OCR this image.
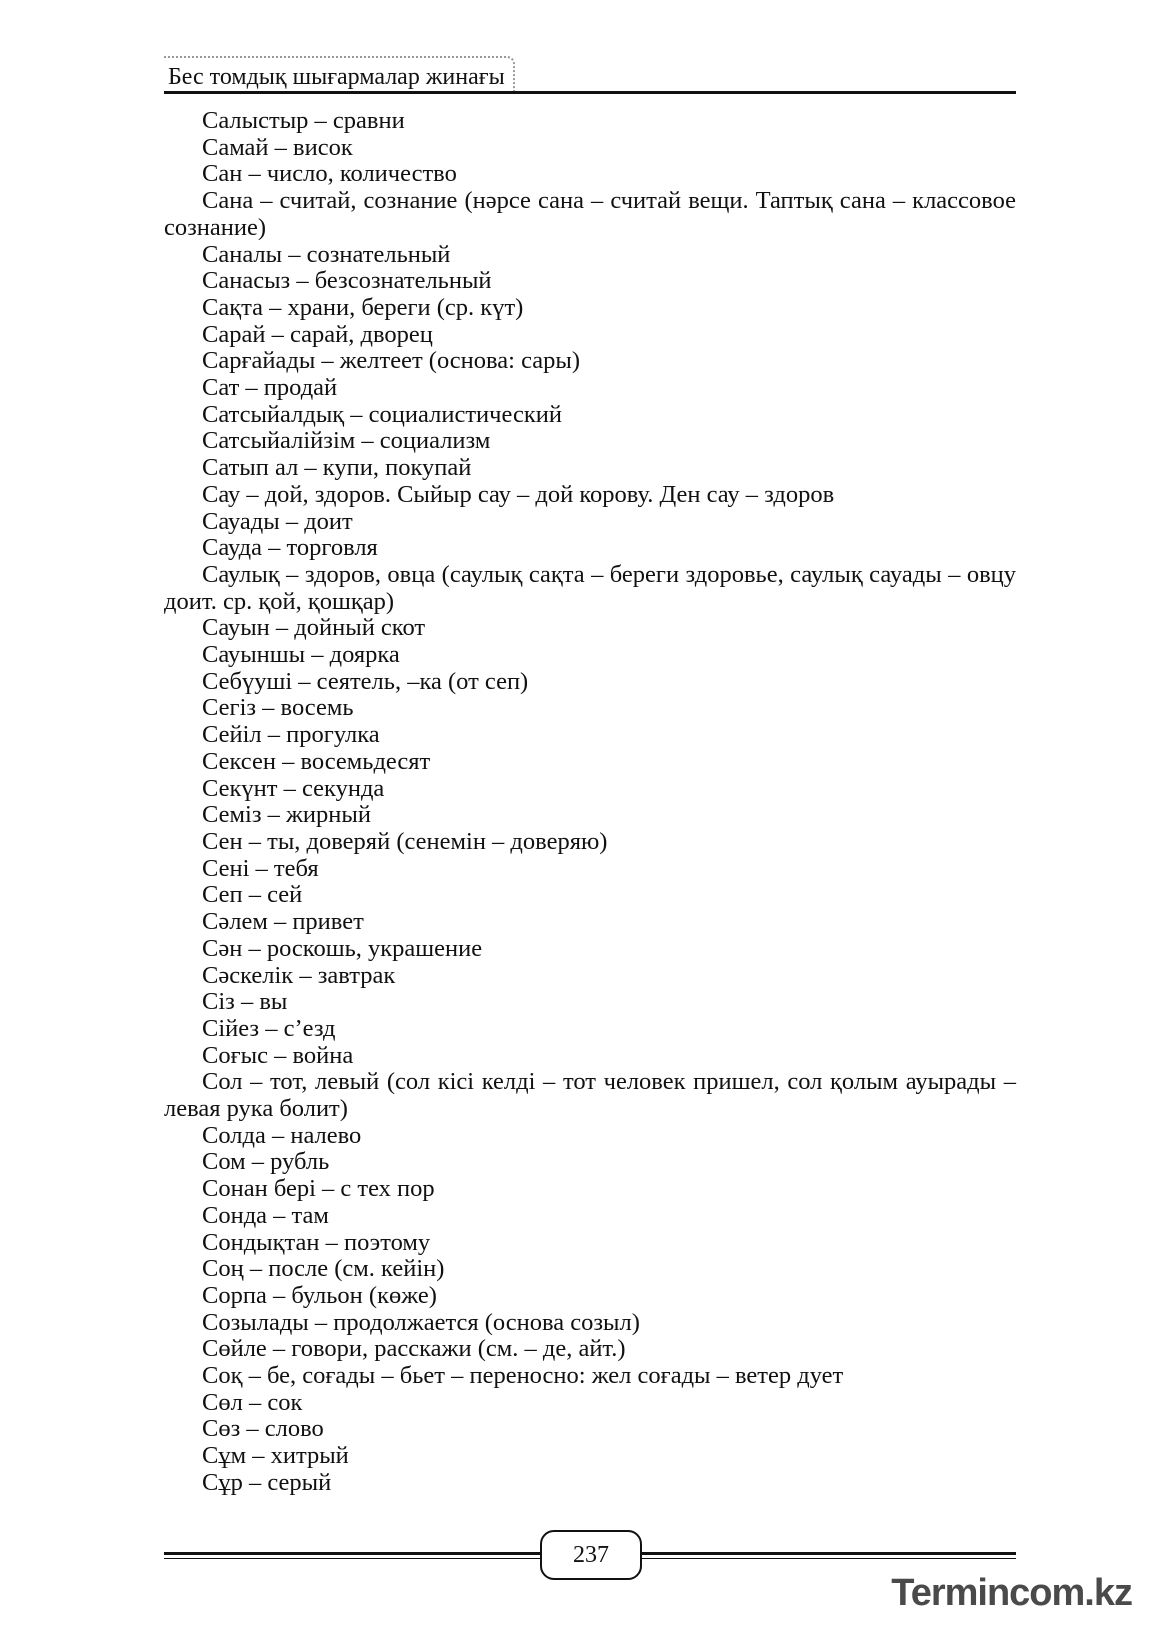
Бес томдық шығармалар жинағы

Салыстыр – сравни

Самай – висок

Сан – число, количество

Сана – считай, сознание (нәрсе сана – считай вещи. Таптық сана – классовое сознание)

Саналы – сознательный

Санасыз – безсознательный

Сақта – храни, береги (ср. күт)

Сарай – сарай, дворец

Сарғайады – желтеет (основа: сары)

Сат – продай

Сатсыйалдық – социалистический

Сатсыйалійзім – социализм

Сатып ал – купи, покупай

Сау – дой, здоров. Сыйыр сау – дой корову. Ден сау – здоров

Сауады – доит

Сауда – торговля

Саулық – здоров, овца (саулық сақта – береги здоровье, саулық сауады – овцу доит. ср. қой, қошқар)

Сауын – дойный скот

Сауыншы – доярка

Себүуші – сеятель, –ка (от сеп)

Сегіз – восемь

Сейіл – прогулка

Сексен – восемьдесят

Секүнт – секунда

Семіз – жирный

Сен – ты, доверяй (сенемін – доверяю)

Сені – тебя

Сеп – сей

Сәлем – привет

Сән – роскошь, украшение

Сәскелік – завтрак

Сіз – вы

Сійез – с’езд

Соғыс – война

Сол – тот, левый (сол кісі келді – тот человек пришел, сол қолым ауырады – левая рука болит)

Солда – налево

Сом – рубль

Сонан бері – с тех пор

Сонда – там

Сондықтан – поэтому

Соң – после (см. кейін)

Сорпа – бульон (көже)

Созылады – продолжается (основа созыл)

Сөйле – говори, расскажи (см. – де, айт.)

Соқ – бе, соғады – бьет – переносно: жел соғады – ветер дует

Сөл – сок

Сөз – слово

Сұм – хитрый

Сұр – серый

237
Termincom.kz
